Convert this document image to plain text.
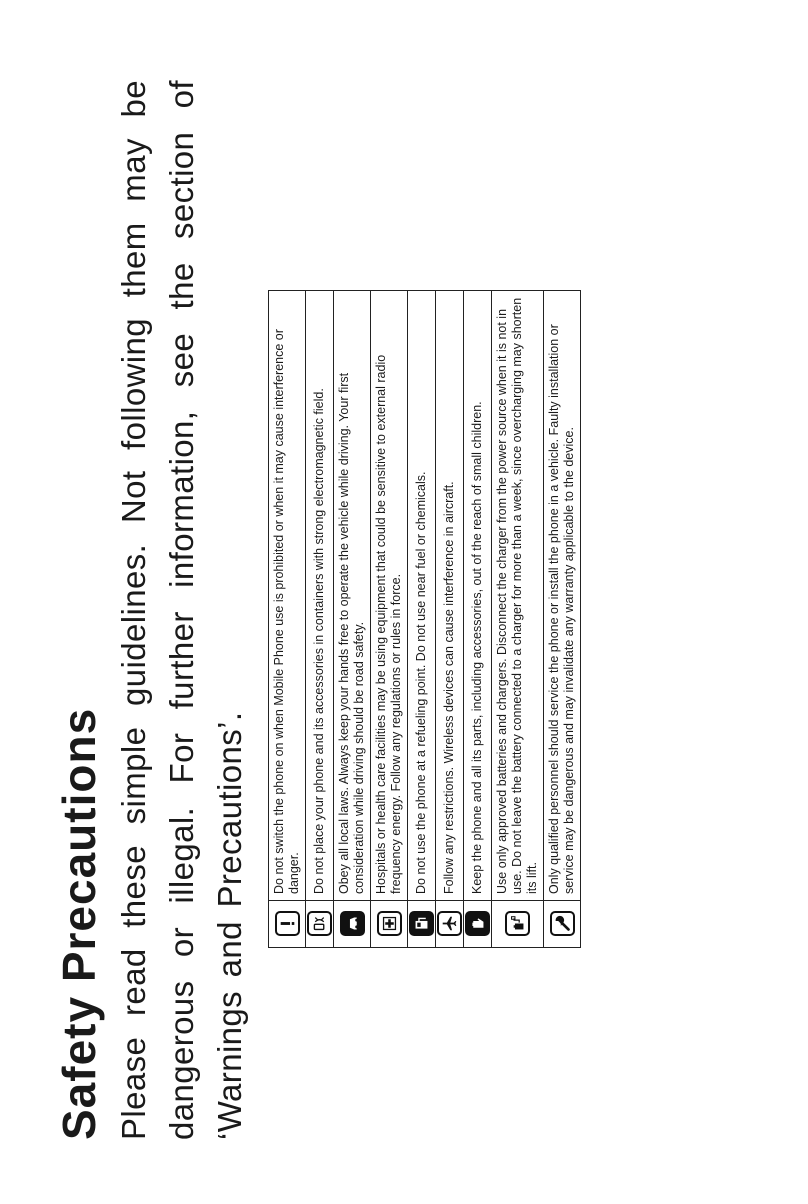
Safety Precautions Please read these simple guidelines. Not following them may be dangerous or illegal. For further information, see the section of ‘Warnings and Precautions’.

	Do not switch the phone on when Mobile Phone use is prohibited or when it may cause interference or danger.

	Do not place your phone and its accessories in containers with strong electromagnetic field.

	Obey all local laws. Always keep your hands free to operate the vehicle while driving. Your first consideration while driving should be road safety.

	Hospitals or health care facilities may be using equipment that could be sensitive to external radio frequency energy. Follow any regulations or rules in force.

	Do not use the phone at a refueling point. Do not use near fuel or chemicals.

	Follow any restrictions. Wireless devices can cause interference in aircraft.

	Keep the phone and all its parts, including accessories, out of the reach of small children.

	Use only approved batteries and chargers. Disconnect the charger from the power source when it is not in use. Do not leave the battery connected to a charger for more than a week, since overcharging may shorten its lift.

	Only qualified personnel should service the phone or install the phone in a vehicle. Faulty installation or service may be dangerous and may invalidate any warranty applicable to the device.
